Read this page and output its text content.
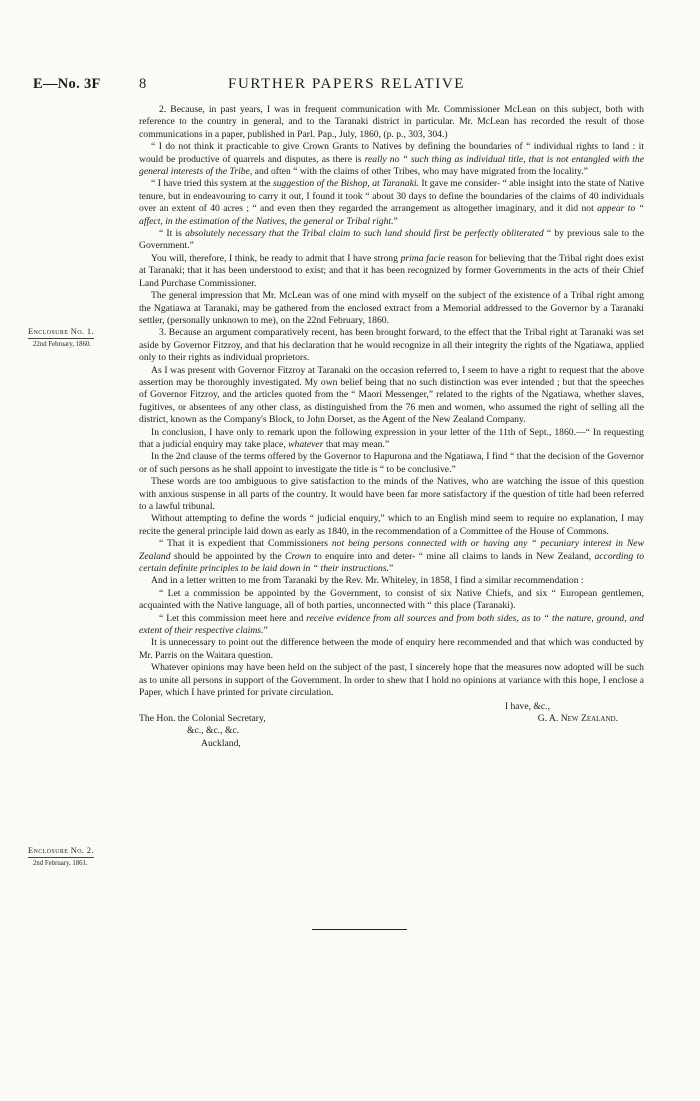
E—No. 3F	8	FURTHER PAPERS RELATIVE
Enclosure No. 1.
22nd February, 1860.
Enclosure No. 2.
2nd February, 1861.

2. Because, in past years, I was in frequent communication with Mr. Commissioner McLean on this subject, both with reference to the country in general, and to the Taranaki district in particular. Mr. McLean has recorded the result of those communications in a paper, published in Parl. Pap., July, 1860, (p. p., 303, 304.)

“ I do not think it practicable to give Crown Grants to Natives by defining the boundaries of “ individual rights to land : it would be productive of quarrels and disputes, as there is really no “ such thing as individual title, that is not entangled with the general interests of the Tribe, and often “ with the claims of other Tribes, who may have migrated from the locality.”

“ I have tried this system at the suggestion of the Bishop, at Taranaki. It gave me consider- “ able insight into the state of Native tenure, but in endeavouring to carry it out, I found it took “ about 30 days to define the boundaries of the claims of 40 individuals over an extent of 40 acres ; “ and even then they regarded the arrangement as altogether imaginary, and it did not appear to “ affect, in the estimation of the Natives, the general or Tribal right.”

“ It is absolutely necessary that the Tribal claim to such land should first be perfectly obliterated “ by previous sale to the Government.”

You will, therefore, I think, be ready to admit that I have strong prima facie reason for believing that the Tribal right does exist at Taranaki; that it has been understood to exist; and that it has been recognized by former Governments in the acts of their Chief Land Purchase Commissioner.

The general impression that Mr. McLean was of one mind with myself on the subject of the existence of a Tribal right among the Ngatiawa at Taranaki, may be gathered from the enclosed extract from a Memorial addressed to the Governor by a Taranaki settler, (personally unknown to me), on the 22nd February, 1860.

3. Because an argument comparatively recent, has been brought forward, to the effect that the Tribal right at Taranaki was set aside by Governor Fitzroy, and that his declaration that he would recognize in all their integrity the rights of the Ngatiawa, applied only to their rights as individual proprietors.

As I was present with Governor Fitzroy at Taranaki on the occasion referred to, I seem to have a right to request that the above assertion may be thoroughly investigated. My own belief being that no such distinction was ever intended ; but that the speeches of Governor Fitzroy, and the articles quoted from the “ Maori Messenger,” related to the rights of the Ngatiawa, whether slaves, fugitives, or absentees of any other class, as distinguished from the 76 men and women, who assumed the right of selling all the district, known as the Company's Block, to John Dorset, as the Agent of the New Zealand Company.

In conclusion, I have only to remark upon the following expression in your letter of the 11th of Sept., 1860.—“ In requesting that a judicial enquiry may take place, whatever that may mean.”

In the 2nd clause of the terms offered by the Governor to Hapurona and the Ngatiawa, I find “ that the decision of the Governor or of such persons as he shall appoint to investigate the title is “ to be conclusive.”

These words are too ambiguous to give satisfaction to the minds of the Natives, who are watching the issue of this question with anxious suspense in all parts of the country. It would have been far more satisfactory if the question of title had been referred to a lawful tribunal.

Without attempting to define the words “ judicial enquiry,” which to an English mind seem to require no explanation, I may recite the general principle laid down as early as 1840, in the recommendation of a Committee of the House of Commons.

“ That it is expedient that Commissioners not being persons connected with or having any “ pecuniary interest in New Zealand should be appointed by the Crown to enquire into and deter- “ mine all claims to lands in New Zealand, according to certain definite principles to be laid down in “ their instructions.”

And in a letter written to me from Taranaki by the Rev. Mr. Whiteley, in 1858, I find a similar recommendation :

“ Let a commission be appointed by the Government, to consist of six Native Chiefs, and six “ European gentlemen, acquainted with the Native language, all of both parties, unconnected with “ this place (Taranaki).

“ Let this commission meet here and receive evidence from all sources and from both sides, as to “ the nature, ground, and extent of their respective claims.”

It is unnecessary to point out the difference between the mode of enquiry here recommended and that which was conducted by Mr. Parris on the Waitara question.

Whatever opinions may have been held on the subject of the past, I sincerely hope that the measures now adopted will be such as to unite all persons in support of the Government. In order to shew that I hold no opinions at variance with this hope, I enclose a Paper, which I have printed for private circulation.

I have, &c.,

The Hon. the Colonial Secretary,	G. A. New Zealand.

&c., &c., &c.

Auckland,
